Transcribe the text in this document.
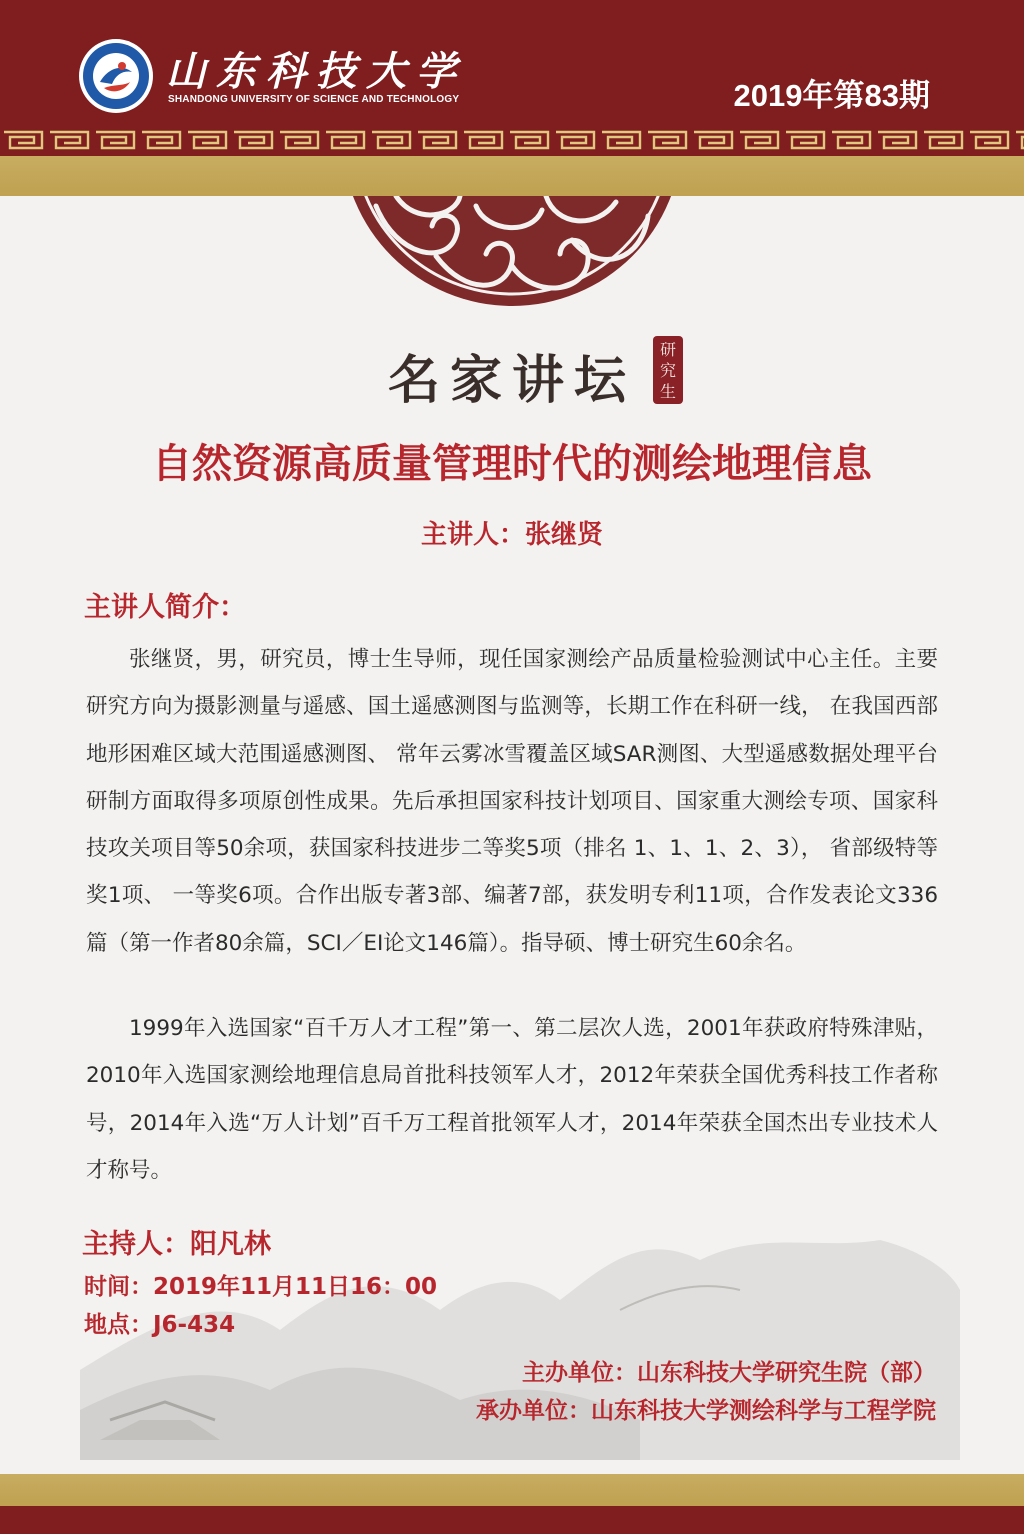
山东科技大学
SHANDONG UNIVERSITY OF SCIENCE AND TECHNOLOGY	2019年第83期
名家讲坛
研究生
自然资源高质量管理时代的测绘地理信息
主讲人：张继贤
主讲人简介：

张继贤，男，研究员，博士生导师，现任国家测绘产品质量检验测试中心主任。主要研究方向为摄影测量与遥感、国土遥感测图与监测等，长期工作在科研一线， 在我国西部地形困难区域大范围遥感测图、 常年云雾冰雪覆盖区域SAR测图、大型遥感数据处理平台研制方面取得多项原创性成果。先后承担国家科技计划项目、国家重大测绘专项、国家科技攻关项目等50余项，获国家科技进步二等奖5项（排名 1、1、1、2、3）， 省部级特等奖1项、 一等奖6项。合作出版专著3部、编著7部，获发明专利11项，合作发表论文336篇（第一作者80余篇，SCI／EI论文146篇）。指导硕、博士研究生60余名。

1999年入选国家“百千万人才工程”第一、第二层次人选，2001年获政府特殊津贴，2010年入选国家测绘地理信息局首批科技领军人才，2012年荣获全国优秀科技工作者称号，2014年入选“万人计划”百千万工程首批领军人才，2014年荣获全国杰出专业技术人才称号。

主持人：阳凡林
时间：2019年11月11日16：00
地点：J6-434
主办单位：山东科技大学研究生院（部）
承办单位：山东科技大学测绘科学与工程学院
